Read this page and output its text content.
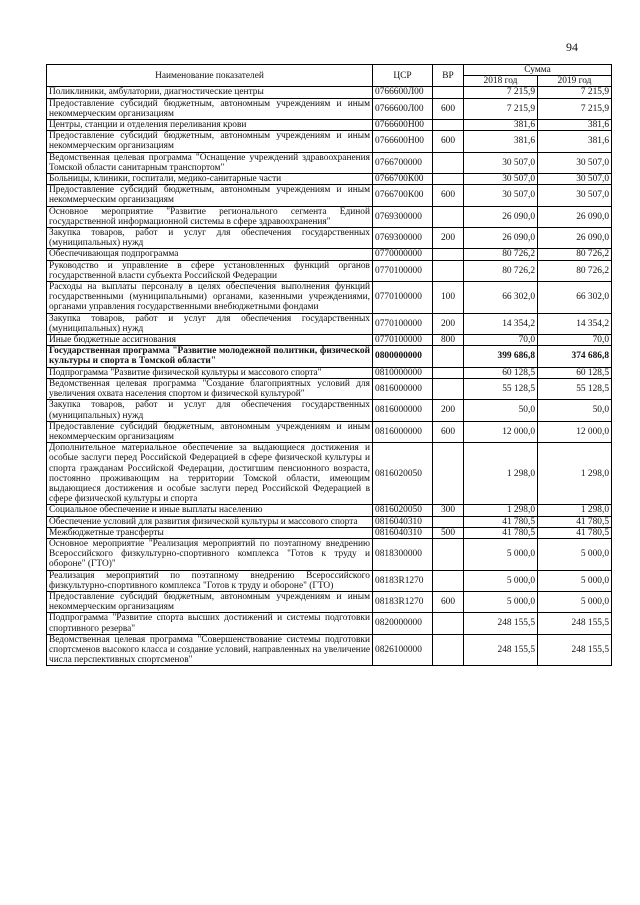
94
Наименование показателей	ЦСР	ВР	Сумма	
			2018 год	2019 год
Поликлиники, амбулатории, диагностические центры	0766600Л00		7 215,9	7 215,9
Предоставление субсидий бюджетным, автономным учреждениям и иным некоммерческим организациям	0766600Л00	600	7 215,9	7 215,9
Центры, станции и отделения переливания крови	0766600Н00		381,6	381,6
Предоставление субсидий бюджетным, автономным учреждениям и иным некоммерческим организациям	0766600Н00	600	381,6	381,6
Ведомственная целевая программа "Оснащение учреждений здравоохранения Томской области санитарным транспортом"	0766700000		30 507,0	30 507,0
Больницы, клиники, госпитали, медико-санитарные части	0766700К00		30 507,0	30 507,0
Предоставление субсидий бюджетным, автономным учреждениям и иным некоммерческим организациям	0766700К00	600	30 507,0	30 507,0
Основное мероприятие "Развитие регионального сегмента Единой государственной информационной системы в сфере здравоохранения"	0769300000		26 090,0	26 090,0
Закупка товаров, работ и услуг для обеспечения государственных (муниципальных) нужд	0769300000	200	26 090,0	26 090,0
Обеспечивающая подпрограмма	0770000000		80 726,2	80 726,2
Руководство и управление в сфере установленных функций органов государственной власти субъекта Российской Федерации	0770100000		80 726,2	80 726,2
Расходы на выплаты персоналу в целях обеспечения выполнения функций государственными (муниципальными) органами, казенными учреждениями, органами управления государственными внебюджетными фондами	0770100000	100	66 302,0	66 302,0
Закупка товаров, работ и услуг для обеспечения государственных (муниципальных) нужд	0770100000	200	14 354,2	14 354,2
Иные бюджетные ассигнования	0770100000	800	70,0	70,0
Государственная программа "Развитие молодежной политики, физической культуры и спорта в Томской области"	0800000000		399 686,8	374 686,8
Подпрограмма "Развитие физической культуры и массового спорта"	0810000000		60 128,5	60 128,5
Ведомственная целевая программа "Создание благоприятных условий для увеличения охвата населения спортом и физической культурой"	0816000000		55 128,5	55 128,5
Закупка товаров, работ и услуг для обеспечения государственных (муниципальных) нужд	0816000000	200	50,0	50,0
Предоставление субсидий бюджетным, автономным учреждениям и иным некоммерческим организациям	0816000000	600	12 000,0	12 000,0
Дополнительное материальное обеспечение за выдающиеся достижения и особые заслуги перед Российской Федерацией в сфере физической культуры и спорта гражданам Российской Федерации, достигшим пенсионного возраста, постоянно проживающим на территории Томской области, имеющим выдающиеся достижения и особые заслуги перед Российской Федерацией в сфере физической культуры и спорта	0816020050		1 298,0	1 298,0
Социальное обеспечение и иные выплаты населению	0816020050	300	1 298,0	1 298,0
Обеспечение условий для развития физической культуры и массового спорта	0816040310		41 780,5	41 780,5
Межбюджетные трансферты	0816040310	500	41 780,5	41 780,5
Основное мероприятие "Реализация мероприятий по поэтапному внедрению Всероссийского физкультурно-спортивного комплекса "Готов к труду и обороне" (ГТО)"	0818300000		5 000,0	5 000,0
Реализация мероприятий по поэтапному внедрению Всероссийского физкультурно-спортивного комплекса "Готов к труду и обороне" (ГТО)	08183R1270		5 000,0	5 000,0
Предоставление субсидий бюджетным, автономным учреждениям и иным некоммерческим организациям	08183R1270	600	5 000,0	5 000,0
Подпрограмма "Развитие спорта высших достижений и системы подготовки спортивного резерва"	0820000000		248 155,5	248 155,5
Ведомственная целевая программа "Совершенствование системы подготовки спортсменов высокого класса и создание условий, направленных на увеличение числа перспективных спортсменов"	0826100000		248 155,5	248 155,5
